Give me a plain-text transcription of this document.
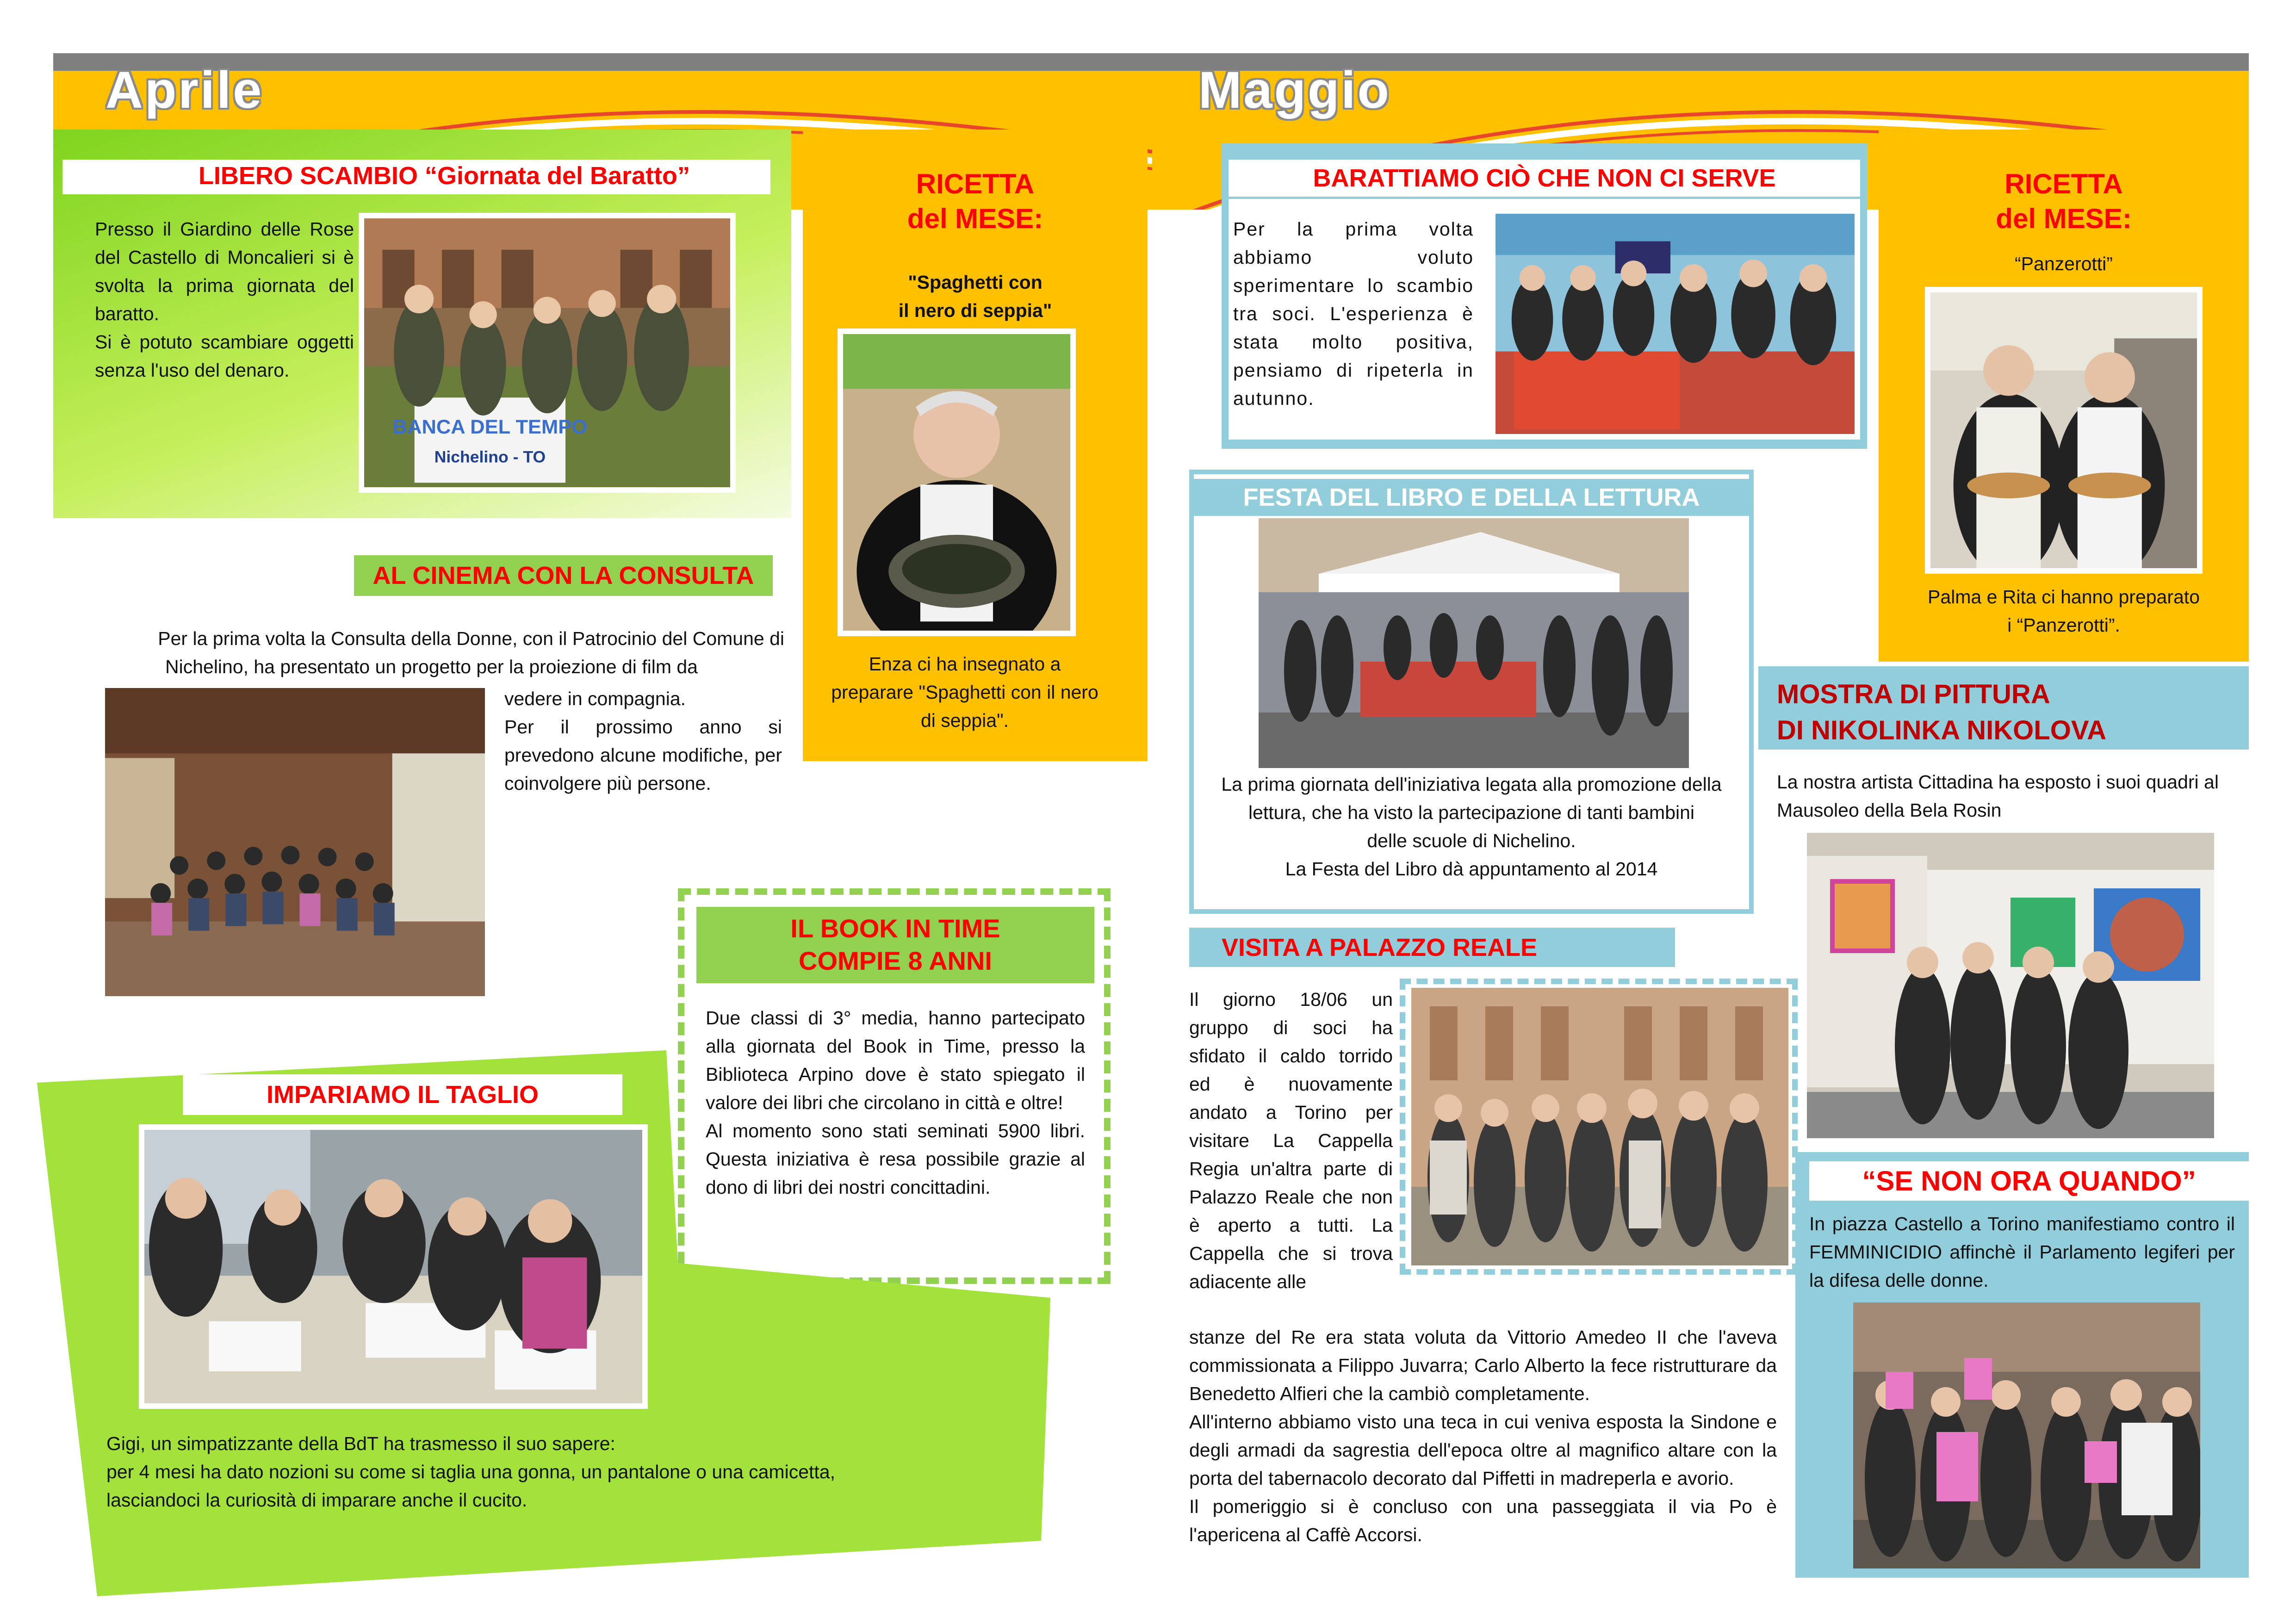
Aprile	Maggio
LIBERO SCAMBIO “Giornata del Baratto”
Presso il Giardino delle Rose del Castello di Moncalieri si è svolta la prima giornata del baratto.
Si è potuto scambiare oggetti senza l'uso del denaro.
BANCA DEL TEMPO
Nichelino - TO
RICETTA
del MESE:
"Spaghetti con
il nero di seppia"
Enza ci ha insegnato a preparare "Spaghetti con il nero di seppia".
AL CINEMA CON LA CONSULTA
Per la prima volta la Consulta della Donne, con il Patrocinio del Comune di Nichelino, ha presentato un progetto per la proiezione di film da
vedere in compagnia.
Per il prossimo anno si prevedono alcune modifiche, per coinvolgere più persone.
IL BOOK IN TIME
COMPIE 8 ANNI
Due classi di 3° media, hanno partecipato alla giornata del Book in Time, presso la Biblioteca Arpino dove è stato spiegato il valore dei libri che circolano in città e oltre!
Al momento sono stati seminati 5900 libri. Questa iniziativa è resa possibile grazie al dono di libri dei nostri concittadini.
IMPARIAMO IL TAGLIO
Gigi, un simpatizzante della BdT ha trasmesso il suo sapere:
per 4 mesi ha dato nozioni su come si taglia una gonna, un pantalone o una camicetta,
lasciandoci la curiosità di imparare anche il cucito.
BARATTIAMO CIÒ CHE NON CI SERVE
Per la prima volta abbiamo voluto sperimentare lo scambio tra soci. L'esperienza è stata molto positiva, pensiamo di ripeterla in autunno.
RICETTA
del MESE:
“Panzerotti”
Palma e Rita ci hanno preparato i “Panzerotti”.
FESTA DEL LIBRO E DELLA LETTURA
La prima giornata dell'iniziativa legata alla promozione della lettura, che ha visto la partecipazione di tanti bambini
delle scuole di Nichelino.
La Festa del Libro dà appuntamento al 2014
MOSTRA DI PITTURA
DI NIKOLINKA NIKOLOVA
La nostra artista Cittadina ha esposto i suoi quadri al Mausoleo della Bela Rosin
VISITA A PALAZZO REALE
Il giorno 18/06 un gruppo di soci ha sfidato il caldo torrido ed è nuovamente andato a Torino per visitare La Cappella Regia un'altra parte di Palazzo Reale che non è aperto a tutti. La Cappella che si trova adiacente alle
stanze del Re era stata voluta da Vittorio Amedeo II che l'aveva commissionata a Filippo Juvarra; Carlo Alberto la fece ristrutturare da Benedetto Alfieri che la cambiò completamente.
All'interno abbiamo visto una teca in cui veniva esposta la Sindone e degli armadi da sagrestia dell'epoca oltre al magnifico altare con la porta del tabernacolo decorato dal Piffetti in madreperla e avorio.
Il pomeriggio si è concluso con una passeggiata il via Po è l'apericena al Caffè Accorsi.
“SE NON ORA QUANDO”
In piazza Castello a Torino manifestiamo contro il FEMMINICIDIO affinchè il Parlamento legiferi per la difesa delle donne.
